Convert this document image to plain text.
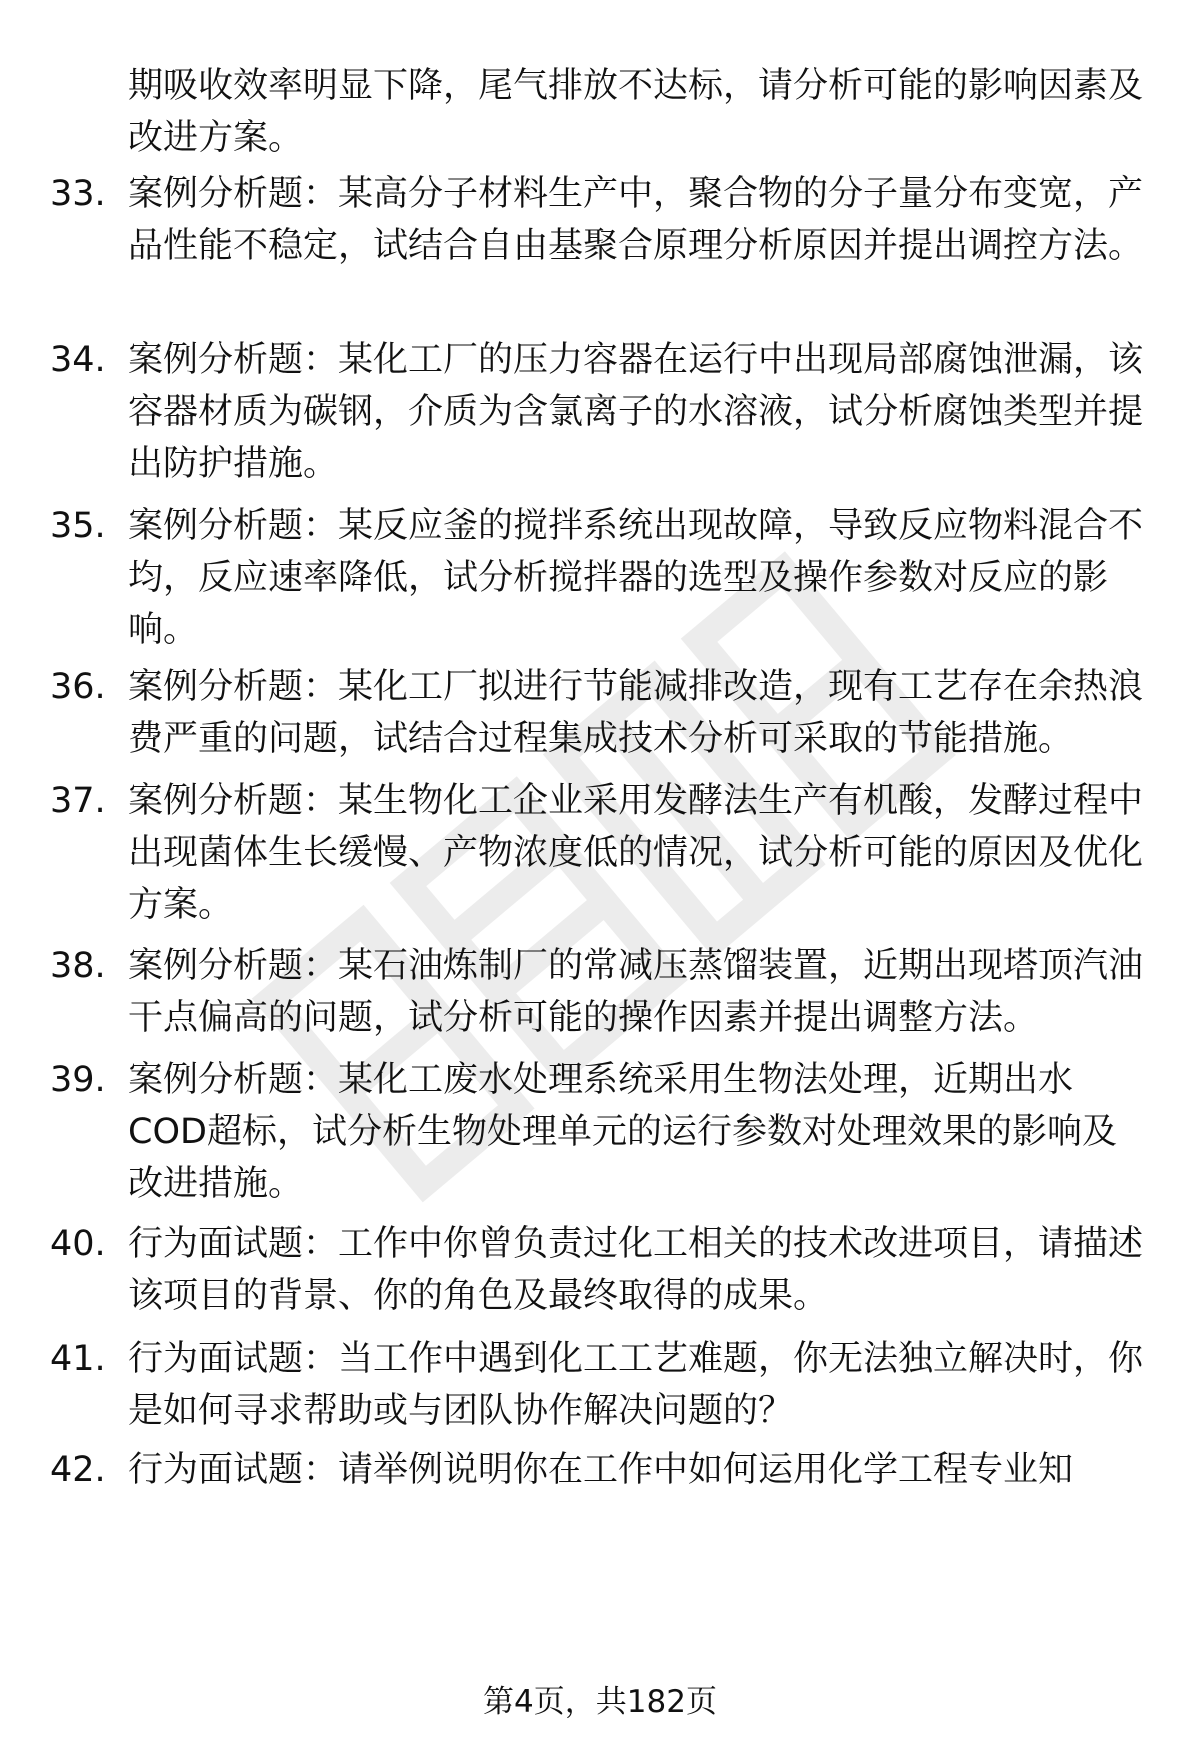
期吸收效率明显下降，尾气排放不达标，请分析可能的影响因素及改进方案。
33. 案例分析题：某高分子材料生产中，聚合物的分子量分布变宽，产品性能不稳定，试结合自由基聚合原理分析原因并提出调控方法。
34. 案例分析题：某化工厂的压力容器在运行中出现局部腐蚀泄漏，该容器材质为碳钢，介质为含氯离子的水溶液，试分析腐蚀类型并提出防护措施。
35. 案例分析题：某反应釜的搅拌系统出现故障，导致反应物料混合不均，反应速率降低，试分析搅拌器的选型及操作参数对反应的影响。
36. 案例分析题：某化工厂拟进行节能减排改造，现有工艺存在余热浪费严重的问题，试结合过程集成技术分析可采取的节能措施。
37. 案例分析题：某生物化工企业采用发酵法生产有机酸，发酵过程中出现菌体生长缓慢、产物浓度低的情况，试分析可能的原因及优化方案。
38. 案例分析题：某石油炼制厂的常减压蒸馏装置，近期出现塔顶汽油干点偏高的问题，试分析可能的操作因素并提出调整方法。
39. 案例分析题：某化工废水处理系统采用生物法处理，近期出水COD超标，试分析生物处理单元的运行参数对处理效果的影响及改进措施。
40. 行为面试题：工作中你曾负责过化工相关的技术改进项目，请描述该项目的背景、你的角色及最终取得的成果。
41. 行为面试题：当工作中遇到化工工艺难题，你无法独立解决时，你是如何寻求帮助或与团队协作解决问题的？
42. 行为面试题：请举例说明你在工作中如何运用化学工程专业知
第4页，共182页
